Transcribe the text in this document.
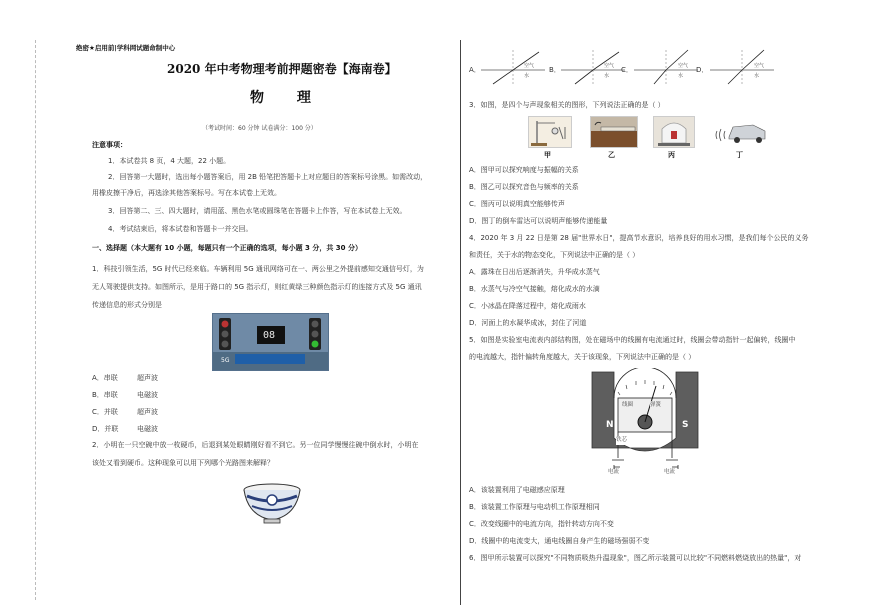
绝密★启用前|学科网试题命制中心
2020 年中考物理考前押题密卷【海南卷】
物 理
（考试时间：60 分钟 试卷满分：100 分）
注意事项：
1．本试卷共 8 页，4 大题，22 小题。
2．回答第一大题时，选出每小题答案后，用 2B 铅笔把答题卡上对应题目的答案标号涂黑。如需改动，
用橡皮擦干净后，再选涂其他答案标号。写在本试卷上无效。
3．回答第二、三、四大题时，请用蓝、黑色水笔或圆珠笔在答题卡上作答，写在本试卷上无效。
4．考试结束后，将本试卷和答题卡一并交回。
一、选择题（本大题有 10 小题，每题只有一个正确的选项，每小题 3 分，共 30 分）
1．科技引领生活，5G 时代已经来临。车辆利用 5G 通讯网络可在一、两公里之外提前感知交通信号灯，为
无人驾驶提供支持。如图所示，是用于路口的 5G 指示灯，则红黄绿三种颜色指示灯的连接方式及 5G 通讯
传递信息的形式分别是
08
5G
A．串联	超声波
B．串联	电磁波
C．并联	超声波
D．并联	电磁波
2．小明在一只空碗中放一枚硬币，后退到某处眼睛刚好看不到它。另一位同学慢慢往碗中倒水时，小明在
该处又看到硬币。这种现象可以用下列哪个光路图来解释？
A．	B．	C．	D．
空气
水
空气
水
空气
水
空气
水
3．如图，是四个与声现象相关的图形，下列说法正确的是（ ）
甲	乙	丙	丁
A．图甲可以探究响度与振幅的关系
B．图乙可以探究音色与频率的关系
C．图丙可以说明真空能够传声
D．图丁的倒车雷达可以说明声能够传递能量
4．2020 年 3 月 22 日是第 28 届"世界水日"，提高节水意识，培养良好的用水习惯，是我们每个公民的义务
和责任，关于水的物态变化，下列说法中正确的是（ ）
A．露珠在日出后逐渐消失，升华成水蒸气
B．水蒸气与冷空气接触，熔化成水的水滴
C．小冰晶在降落过程中，熔化成雨水
D．河面上的水凝华成冰，封住了河道
5．如图是实验室电流表内部结构图，处在磁场中的线圈有电流通过时，线圈会带动指针一起偏转，线圈中
的电流越大，指针偏转角度越大，关于该现象，下列说法中正确的是（ ）
线圈	弹簧
N	S
铁芯
电流	电流
A．该装置利用了电磁感应原理
B．该装置工作原理与电动机工作原理相同
C．改变线圈中的电流方向，指针转动方向不变
D．线圈中的电流变大，通电线圈自身产生的磁场强弱不变
6．图甲所示装置可以探究"不同物质吸热升温现象"，图乙所示装置可以比较"不同燃料燃烧放出的热量"，对
